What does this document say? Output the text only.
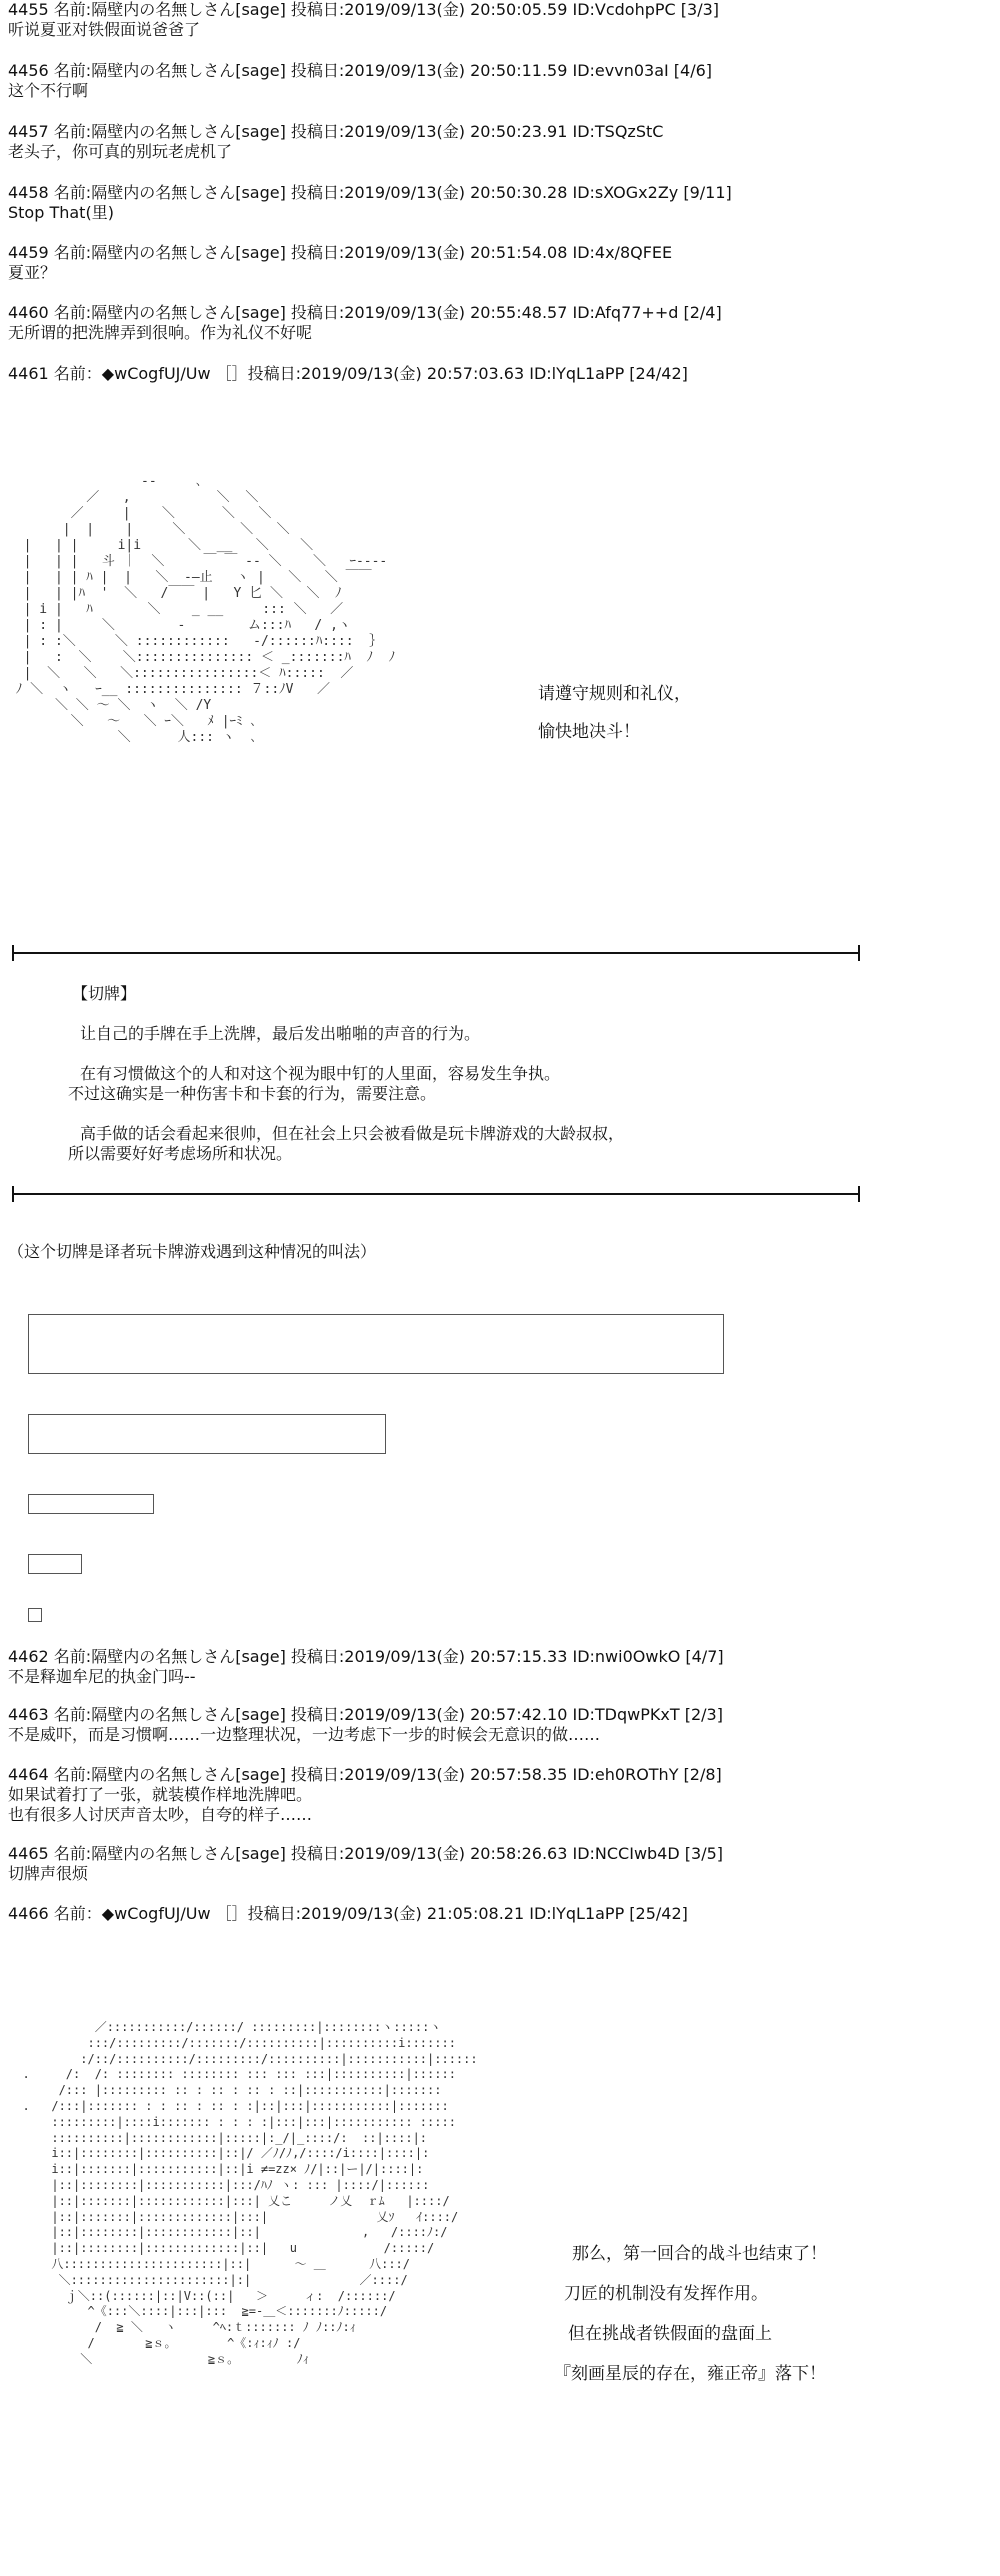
4455 名前:隔壁内の名無しさん[sage] 投稿日:2019/09/13(金) 20:50:05.59 ID:VcdohpPC [3/3]
听说夏亚对铁假面说爸爸了
4456 名前:隔壁内の名無しさん[sage] 投稿日:2019/09/13(金) 20:50:11.59 ID:evvn03aI [4/6]
这个不行啊
4457 名前:隔壁内の名無しさん[sage] 投稿日:2019/09/13(金) 20:50:23.91 ID:TSQzStC
老头子，你可真的别玩老虎机了
4458 名前:隔壁内の名無しさん[sage] 投稿日:2019/09/13(金) 20:50:30.28 ID:sXOGx2Zy [9/11]
Stop That(里)
4459 名前:隔壁内の名無しさん[sage] 投稿日:2019/09/13(金) 20:51:54.08 ID:4x/8QFEE
夏亚？
4460 名前:隔壁内の名無しさん[sage] 投稿日:2019/09/13(金) 20:55:48.57 ID:Afq77++d [2/4]
无所谓的把洗牌弄到很响。作为礼仪不好呢
4461 名前：◆wCogfUJ/Uw ［］投稿日:2019/09/13(金) 20:57:03.63 ID:lYqL1aPP [24/42]
‐‐     ､
／   ,           ＼  ＼
／     |    ＼      ＼   ＼
|  |    |     ＼       ＼   ＼
|   | |     i|i      ＼  __   ＼    ＼
|   | |   斗 ｜  ＼     ￣ ￣ ‐‐ ＼    ＼   ｰ‐‐‐‐
|   | | ﾊ |  |   ＼  ‐―止   ヽ |   ＼   ＼ ￣￣
|   | |ﾊ  '  ＼   /￣￣ |   Y 匕 ＼   ＼  ﾉ
| i |   ﾊ       ＼    _ __     ::: ＼   ／
| : |     ＼        ‐        ム:::ﾊ   / ,ヽ
| : :＼     ＼ ::::::::::::   ‐/::::::ﾊ::::  ｝
|   :  ＼    ＼::::::::::::::: ＜ _:::::::ﾊ  ﾉ  ﾉ
|  ＼   ＼   ＼::::::::::::::::＜ ﾊ:::::  ／
ﾉ ＼  ヽ   ｰ__ ::::::::::::::: ７::ﾉV   ／
＼ ＼ ～ ＼  ヽ  ＼ /Y
＼   ～   ＼ ｰ＼   ﾒ |ｰﾐ ､
＼      人::: ヽ  ､

请遵守规则和礼仪，
愉快地决斗！
【切牌】
让自己的手牌在手上洗牌，最后发出啪啪的声音的行为。
在有习惯做这个的人和对这个视为眼中钉的人里面，容易发生争执。
不过这确实是一种伤害卡和卡套的行为，需要注意。
高手做的话会看起来很帅，但在社会上只会被看做是玩卡牌游戏的大龄叔叔，
所以需要好好考虑场所和状况。
（这个切牌是译者玩卡牌游戏遇到这种情况的叫法）
4462 名前:隔壁内の名無しさん[sage] 投稿日:2019/09/13(金) 20:57:15.33 ID:nwi0OwkO [4/7]
不是释迦牟尼的执金门吗--
4463 名前:隔壁内の名無しさん[sage] 投稿日:2019/09/13(金) 20:57:42.10 ID:TDqwPKxT [2/3]
不是威吓，而是习惯啊……一边整理状况，一边考虑下一步的时候会无意识的做……
4464 名前:隔壁内の名無しさん[sage] 投稿日:2019/09/13(金) 20:57:58.35 ID:eh0ROThY [2/8]
如果试着打了一张，就装模作样地洗牌吧。
也有很多人讨厌声音太吵，自夸的样子……
4465 名前:隔壁内の名無しさん[sage] 投稿日:2019/09/13(金) 20:58:26.63 ID:NCCIwb4D [3/5]
切牌声很烦
4466 名前：◆wCogfUJ/Uw ［］投稿日:2019/09/13(金) 21:05:08.21 ID:lYqL1aPP [25/42]
／:::::::::::/::::::/ :::::::::|::::::::ヽ:::::ヽ
:::/:::::::::/:::::::/::::::::::|::::::::::i:::::::
:/::/::::::::::/:::::::::/::::::::::|:::::::::::|::::::
.     /:  /: :::::::: :::::::: ::: ::: :::|::::::::::|::::::
/::: |::::::::: :: : :: : :: : ::|:::::::::::|:::::::
.   /:::|::::::: : : :: : :: : :|::|:::|:::::::::::|:::::::
:::::::::|::::i::::::: : : : :|:::|:::|::::::::::: :::::
::::::::::|::::::::::::|:::::|:_/|_::::/:  ::|::::|:
i::|::::::::|::::::::::|::|/ ／ﾉ/ﾉ,/::::/i::::|::::|:
i::|:::::::|:::::::::::|::|i ≠=zz× ﾉ/|::|ー|/|::::|:
|::|::::::::|:::::::::::|:::/ﾊﾉ ヽ: ::: |::::/|::::::
|::|:::::::|::::::::::::|:::| 乂こ     ノ乂  ｒﾑ   |::::/
|::|:::::::|:::::::::::::|:::|               乂ｿ   ｲ::::/
|::|::::::::|::::::::::::|::|              ,   /::::ﾉ:/
|::|::::::::|:::::::::::::|::|   u            /:::::/
八::::::::::::::::::::::|::|      ～ ＿      八:::/
＼::::::::::::::::::::::|:|               ／::::/
ｊ＼::(::::::|::|V::(::|   ＞     ィ:  /::::::/
^《:::＼::::|:::|:::  ≧=‐＿＜:::::::ﾉ:::::/
/  ≧ ＼   ヽ     ^ﾍ:ｔ::::::: ﾉ ﾉ::ﾉ:ｨ
/       ≧ｓ。       ^《:ｨ:ｨﾉ :/
＼                ≧ｓ。        ﾉｨ

那么，第一回合的战斗也结束了！
刀匠的机制没有发挥作用。
但在挑战者铁假面的盘面上
『刻画星辰的存在，雍正帝』落下！
